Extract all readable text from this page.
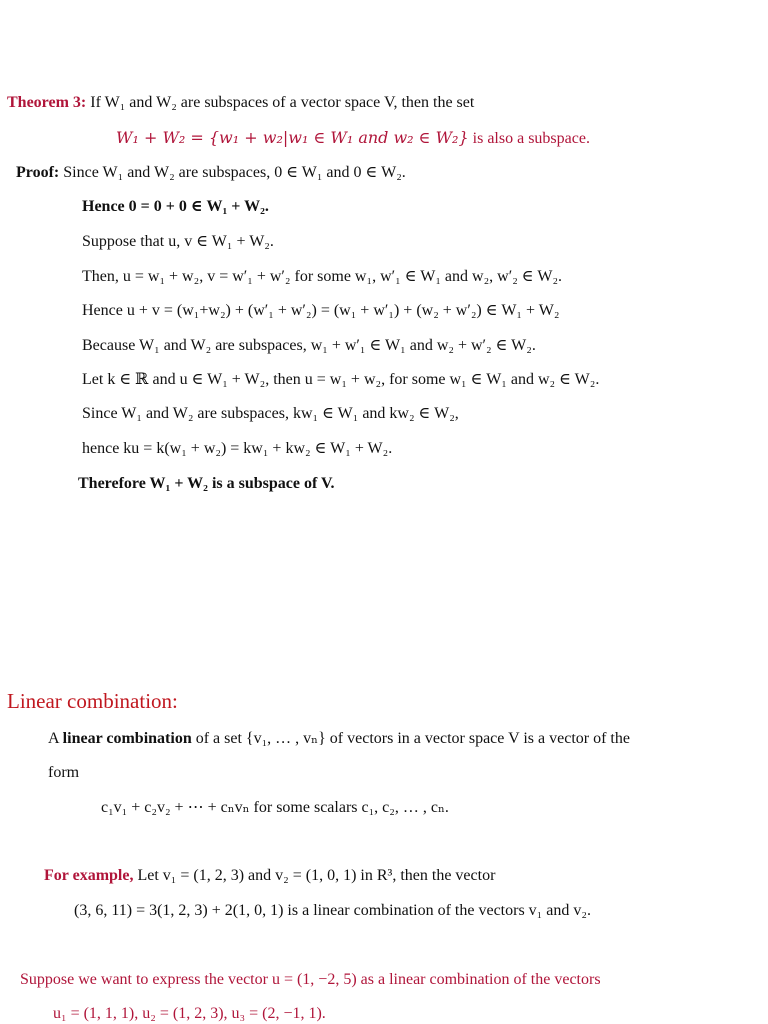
Theorem 3: If W₁ and W₂ are subspaces of a vector space V, then the set
W₁ + W₂ = {w₁ + w₂|w₁ ∈ W₁ and w₂ ∈ W₂} is also a subspace.
Proof: Since W₁ and W₂ are subspaces, 0 ∈ W₁ and 0 ∈ W₂.
Hence 0 = 0 + 0 ∈ W₁ + W₂.
Suppose that u, v ∈ W₁ + W₂.
Then, u = w₁ + w₂, v = w′₁ + w′₂ for some w₁, w′₁ ∈ W₁ and w₂, w′₂ ∈ W₂.
Hence u + v = (w₁+w₂) + (w′₁ + w′₂) = (w₁ + w′₁) + (w₂ + w′₂) ∈ W₁ + W₂
Because W₁ and W₂ are subspaces, w₁ + w′₁ ∈ W₁ and w₂ + w′₂ ∈ W₂.
Let k ∈ ℝ and u ∈ W₁ + W₂, then u = w₁ + w₂, for some w₁ ∈ W₁ and w₂ ∈ W₂.
Since W₁ and W₂ are subspaces, kw₁ ∈ W₁ and kw₂ ∈ W₂,
hence ku = k(w₁ + w₂) = kw₁ + kw₂ ∈ W₁ + W₂.
Therefore W₁ + W₂ is a subspace of V.
Linear combination:
A linear combination of a set {v₁, … , vₙ} of vectors in a vector space V is a vector of the
form
c₁v₁ + c₂v₂ + ⋯ + cₙvₙ for some scalars c₁, c₂, … , cₙ.
For example, Let v₁ = (1, 2, 3) and v₂ = (1, 0, 1) in R³, then the vector
(3, 6, 11) = 3(1, 2, 3) + 2(1, 0, 1) is a linear combination of the vectors v₁ and v₂.
Suppose we want to express the vector u = (1, −2, 5) as a linear combination of the vectors
u₁ = (1, 1, 1), u₂ = (1, 2, 3), u₃ = (2, −1, 1).
